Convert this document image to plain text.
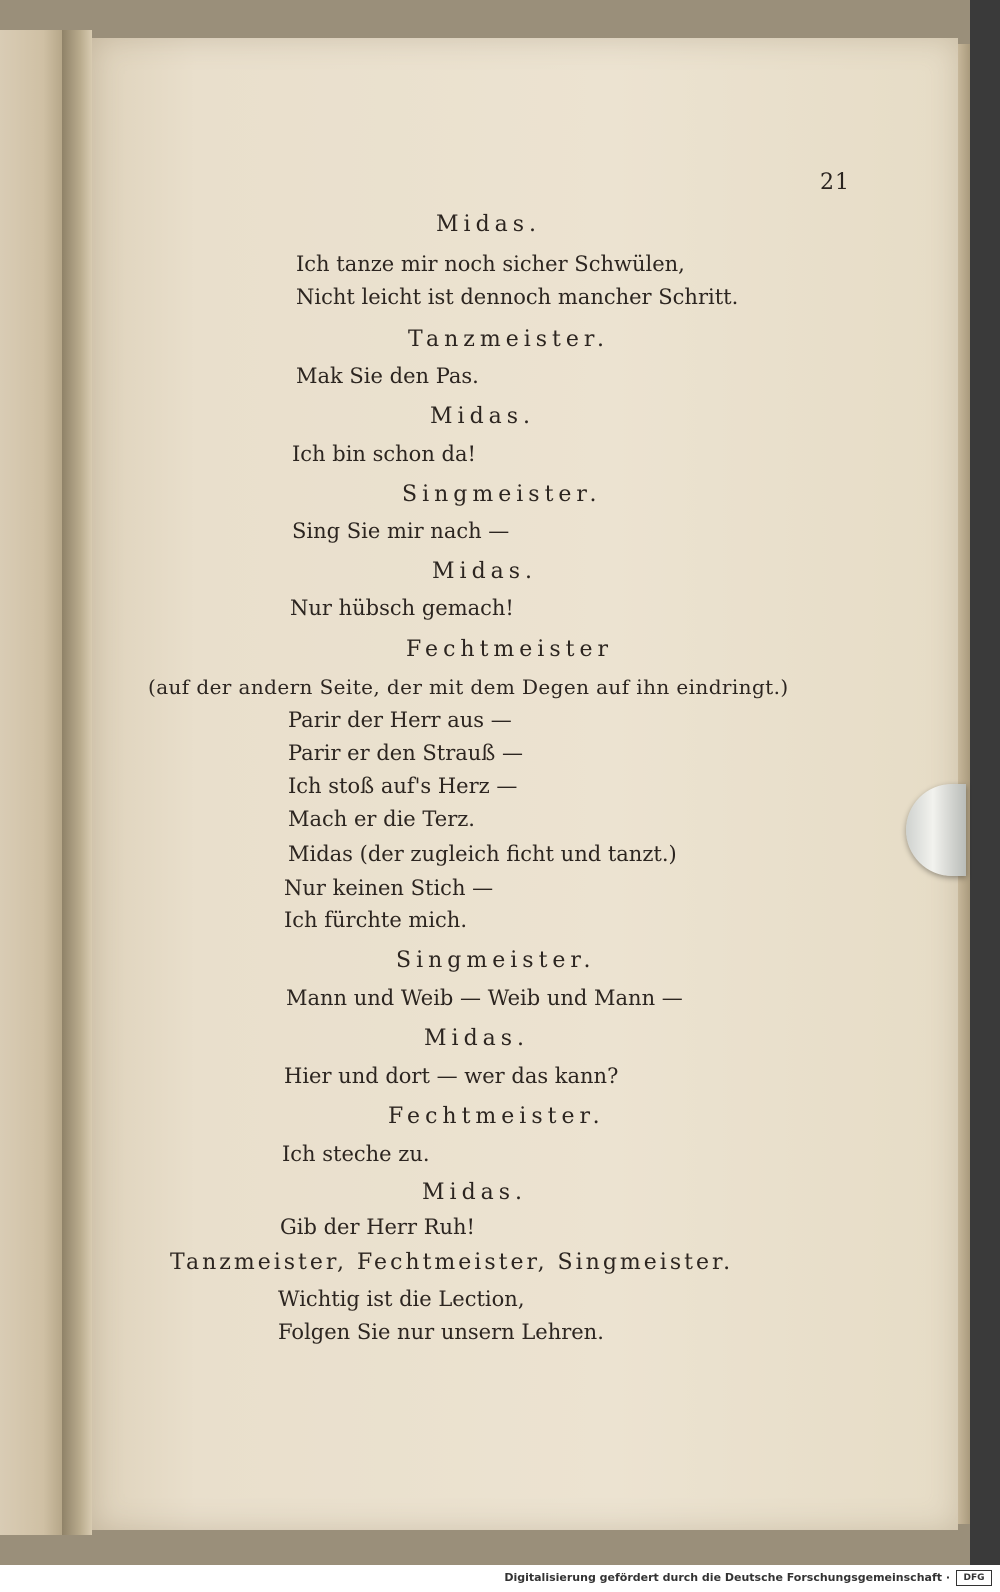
21
Midas.
Ich tanze mir noch sicher Schwülen,
Nicht leicht ist dennoch mancher Schritt.
Tanzmeister.
Mak Sie den Pas.
Midas.
Ich bin schon da!
Singmeister.
Sing Sie mir nach —
Midas.
Nur hübsch gemach!
Fechtmeister
(auf der andern Seite, der mit dem Degen auf ihn eindringt.)
Parir der Herr aus —
Parir er den Strauß —
Ich stoß auf's Herz —
Mach er die Terz.
Midas (der zugleich ficht und tanzt.)
Nur keinen Stich —
Ich fürchte mich.
Singmeister.
Mann und Weib — Weib und Mann —
Midas.
Hier und dort — wer das kann?
Fechtmeister.
Ich steche zu.
Midas.
Gib der Herr Ruh!
Tanzmeister, Fechtmeister, Singmeister.
Wichtig ist die Lection,
Folgen Sie nur unsern Lehren.
Digitalisierung gefördert durch die Deutsche Forschungsgemeinschaft ·	DFG
